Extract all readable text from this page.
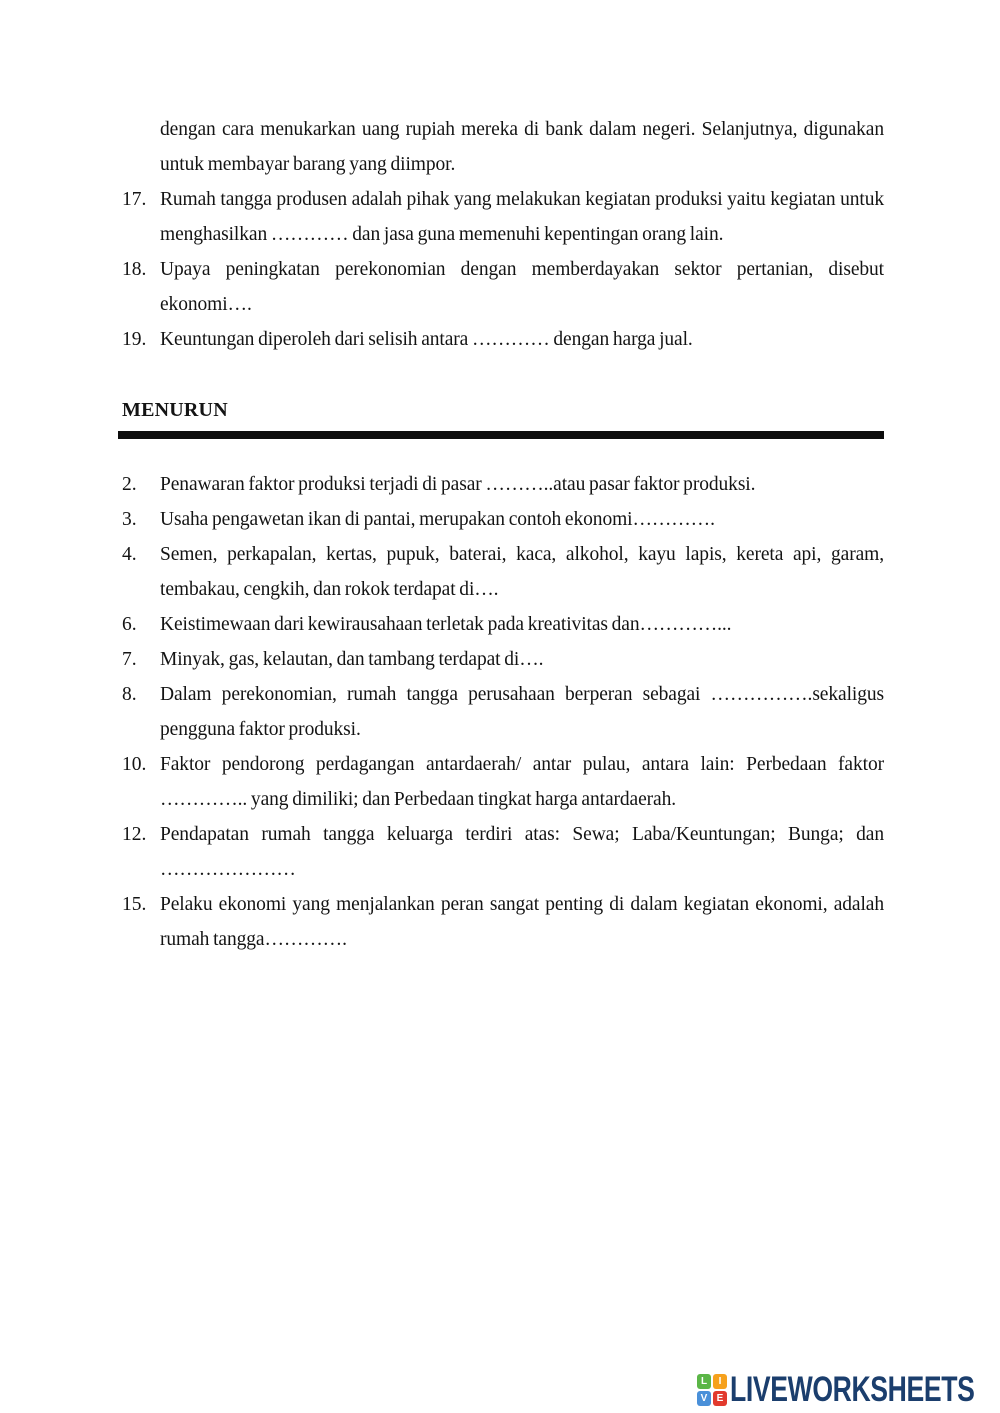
dengan cara menukarkan uang rupiah mereka di bank dalam negeri. Selanjutnya, digunakan untuk membayar barang yang diimpor.
17. Rumah tangga produsen adalah pihak yang melakukan kegiatan produksi yaitu kegiatan untuk menghasilkan ………… dan jasa guna memenuhi kepentingan orang lain.
18. Upaya peningkatan perekonomian dengan memberdayakan sektor pertanian, disebut ekonomi….
19. Keuntungan diperoleh dari selisih antara ………… dengan harga jual.
MENURUN
2.	Penawaran faktor produksi terjadi di pasar ………..atau pasar faktor produksi.
3.	Usaha pengawetan ikan di pantai, merupakan contoh ekonomi………….
4.	Semen, perkapalan, kertas, pupuk, baterai, kaca, alkohol, kayu lapis, kereta api, garam, tembakau, cengkih, dan rokok terdapat di….
6.	Keistimewaan dari kewirausahaan terletak pada kreativitas dan…………...
7.	Minyak, gas, kelautan, dan tambang terdapat di….
8.	Dalam perekonomian, rumah tangga perusahaan berperan sebagai …………….sekaligus pengguna faktor produksi.
10. Faktor pendorong perdagangan antardaerah/ antar pulau, antara lain: Perbedaan faktor ………….. yang dimiliki; dan Perbedaan tingkat harga antardaerah.
12. Pendapatan rumah tangga keluarga terdiri atas: Sewa; Laba/Keuntungan; Bunga; dan …………………
15. Pelaku ekonomi yang menjalankan peran sangat penting di dalam kegiatan ekonomi, adalah rumah tangga………….
L	I
V E LIVEWORKSHEETS
